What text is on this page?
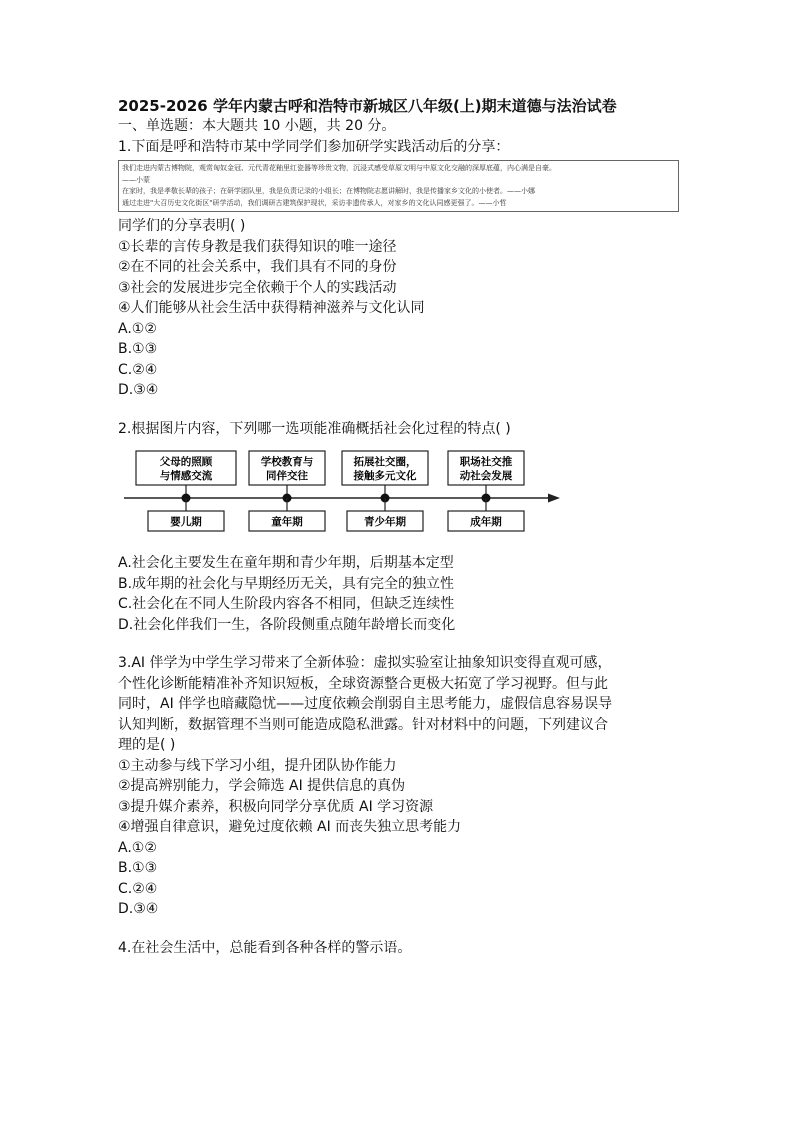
2025-2026 学年内蒙古呼和浩特市新城区八年级(上)期末道德与法治试卷

一、单选题：本大题共 10 小题，共 20 分。

1.下面是呼和浩特市某中学同学们参加研学实践活动后的分享：

我们走进内蒙古博物院，观赏匈奴金冠、元代青花釉里红瓷器等珍贵文物，沉浸式感受草原文明与中原文化交融的深厚底蕴，内心满是自豪。
——小蒙
在家时，我是孝敬长辈的孩子；在研学团队里，我是负责记录的小组长；在博物院志愿讲解时，我是传播家乡文化的小使者。——小娜
通过走进"大召历史文化街区"研学活动，我们调研古建筑保护现状，采访非遗传承人，对家乡的文化认同感更强了。——小哲

同学们的分享表明( )

①长辈的言传身教是我们获得知识的唯一途径

②在不同的社会关系中，我们具有不同的身份

③社会的发展进步完全依赖于个人的实践活动

④人们能够从社会生活中获得精神滋养与文化认同

A.①②

B.①③

C.②④

D.③④

2.根据图片内容，下列哪一选项能准确概括社会化过程的特点( )

父母的照顾
与情感交流
学校教育与
同伴交往
拓展社交圈，
接触多元文化
职场社交推
动社会发展
婴儿期	童年期	青少年期	成年期

A.社会化主要发生在童年期和青少年期，后期基本定型

B.成年期的社会化与早期经历无关，具有完全的独立性

C.社会化在不同人生阶段内容各不相同，但缺乏连续性

D.社会化伴我们一生，各阶段侧重点随年龄增长而变化

3.AI 伴学为中学生学习带来了全新体验：虚拟实验室让抽象知识变得直观可感，

个性化诊断能精准补齐知识短板，全球资源整合更极大拓宽了学习视野。但与此

同时，AI 伴学也暗藏隐忧——过度依赖会削弱自主思考能力，虚假信息容易误导

认知判断，数据管理不当则可能造成隐私泄露。针对材料中的问题，下列建议合

理的是( )

①主动参与线下学习小组，提升团队协作能力

②提高辨别能力，学会筛选 AI 提供信息的真伪

③提升媒介素养，积极向同学分享优质 AI 学习资源

④增强自律意识，避免过度依赖 AI 而丧失独立思考能力

A.①②

B.①③

C.②④

D.③④

4.在社会生活中，总能看到各种各样的警示语。
